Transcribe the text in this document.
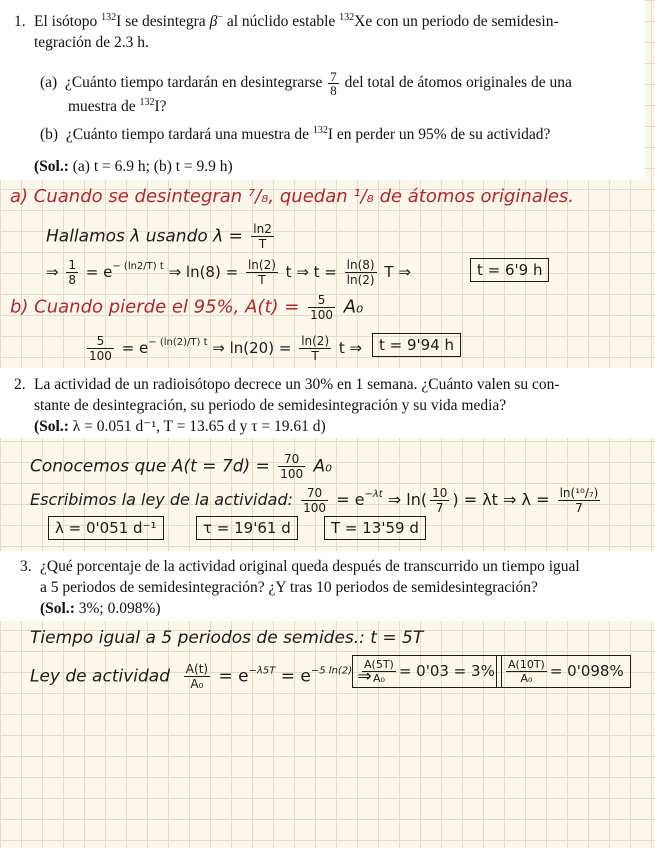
1. El isótopo $^{132}$I se desintegra β− al núclido estable $^{132}$Xe con un periodo de semidesin-
tegración de 2.3 h.
(a) ¿Cuánto tiempo tardarán en desintegrarse $\frac{7}{8}$ del total de átomos originales de una
muestra de $^{132}$I?
(b) ¿Cuánto tiempo tardará una muestra de $^{132}$I en perder un 95% de su actividad?
(Sol.: (a) t = 6.9 h; (b) t = 9.9 h)
a) Cuando se desintegran ⁷/₈, quedan ¹/₈ de átomos originales.
Hallamos λ usando $\lambda = \frac{\ln 2}{T}$
⇒ $\frac{1}{8} = e^{- (ln2/T) t}$ ⇒ $\ln(8) = \frac{\ln(2)}{T}$ t ⇒ $t = \frac{\ln(8)}{\ln(2)}$ T ⇒	t = 6'9 h
b) Cuando pierde el 95%, $A(t) = \frac{5}{100} A_0$
$\frac{5}{100} = e^{- (ln(2)/T) t}$ ⇒ $\ln(20) = \frac{\ln(2)}{T}$ t ⇒	t = 9'94 h
2. La actividad de un radioisótopo decrece un 30% en 1 semana. ¿Cuánto valen su con-
stante de desintegración, su periodo de semidesintegración y su vida media?
(Sol.: λ = 0.051 d⁻¹, T = 13.65 d y τ = 19.61 d)
Conocemos que $A(t = 7d) = \frac{70}{100} A_0$
Escribimos la ley de la actividad: $\frac{70}{100} = e^{-\lambda t}$ ⇒ $\ln( \frac{10}{7}$ ) = λt ⇒ $\lambda = \frac{\text{ln(¹⁰/₇)}}{7}$
λ = 0'051 d⁻¹	τ = 19'61 d	T = 13'59 d
3. ¿Qué porcentaje de la actividad original queda después de transcurrido un tiempo igual
a 5 periodos de semidesintegración? ¿Y tras 10 periodos de semidesintegración?
(Sol.: 3%; 0.098%)
Tiempo igual a 5 periodos de semides.: t = 5T
Ley de actividad $\frac{A(t)}{\text{A₀}} = e^{-\lambda 5T} = e^{-5 ln(2)}$ ⇒
$\frac{A(5T)}{\text{A₀}} = 0'03 = 3\%$	$\frac{A(10T)}{\text{A₀}} = 0'098\%$
